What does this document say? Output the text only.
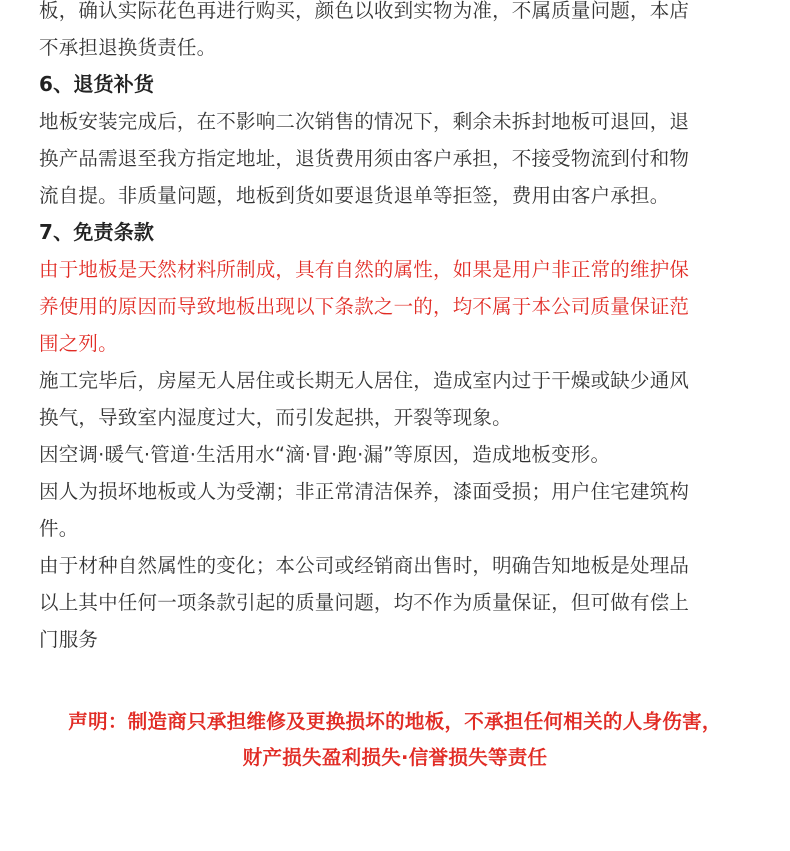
板，确认实际花色再进行购买，颜色以收到实物为准，不属质量问题，本店
不承担退换货责任。
6、退货补货
地板安装完成后，在不影响二次销售的情况下，剩余未拆封地板可退回，退
换产品需退至我方指定地址，退货费用须由客户承担，不接受物流到付和物
流自提。非质量问题，地板到货如要退货退单等拒签，费用由客户承担。
7、免责条款
由于地板是天然材料所制成，具有自然的属性，如果是用户非正常的维护保
养使用的原因而导致地板出现以下条款之一的，均不属于本公司质量保证范
围之列。
施工完毕后，房屋无人居住或长期无人居住，造成室内过于干燥或缺少通风
换气，导致室内湿度过大，而引发起拱，开裂等现象。
因空调·暖气·管道·生活用水“滴·冒·跑·漏”等原因，造成地板变形。
因人为损坏地板或人为受潮；非正常清洁保养，漆面受损；用户住宅建筑构
件。
由于材种自然属性的变化；本公司或经销商出售时，明确告知地板是处理品
以上其中任何一项条款引起的质量问题，均不作为质量保证，但可做有偿上
门服务
声明：制造商只承担维修及更换损坏的地板，不承担任何相关的人身伤害，
财产损失盈利损失·信誉损失等责任
